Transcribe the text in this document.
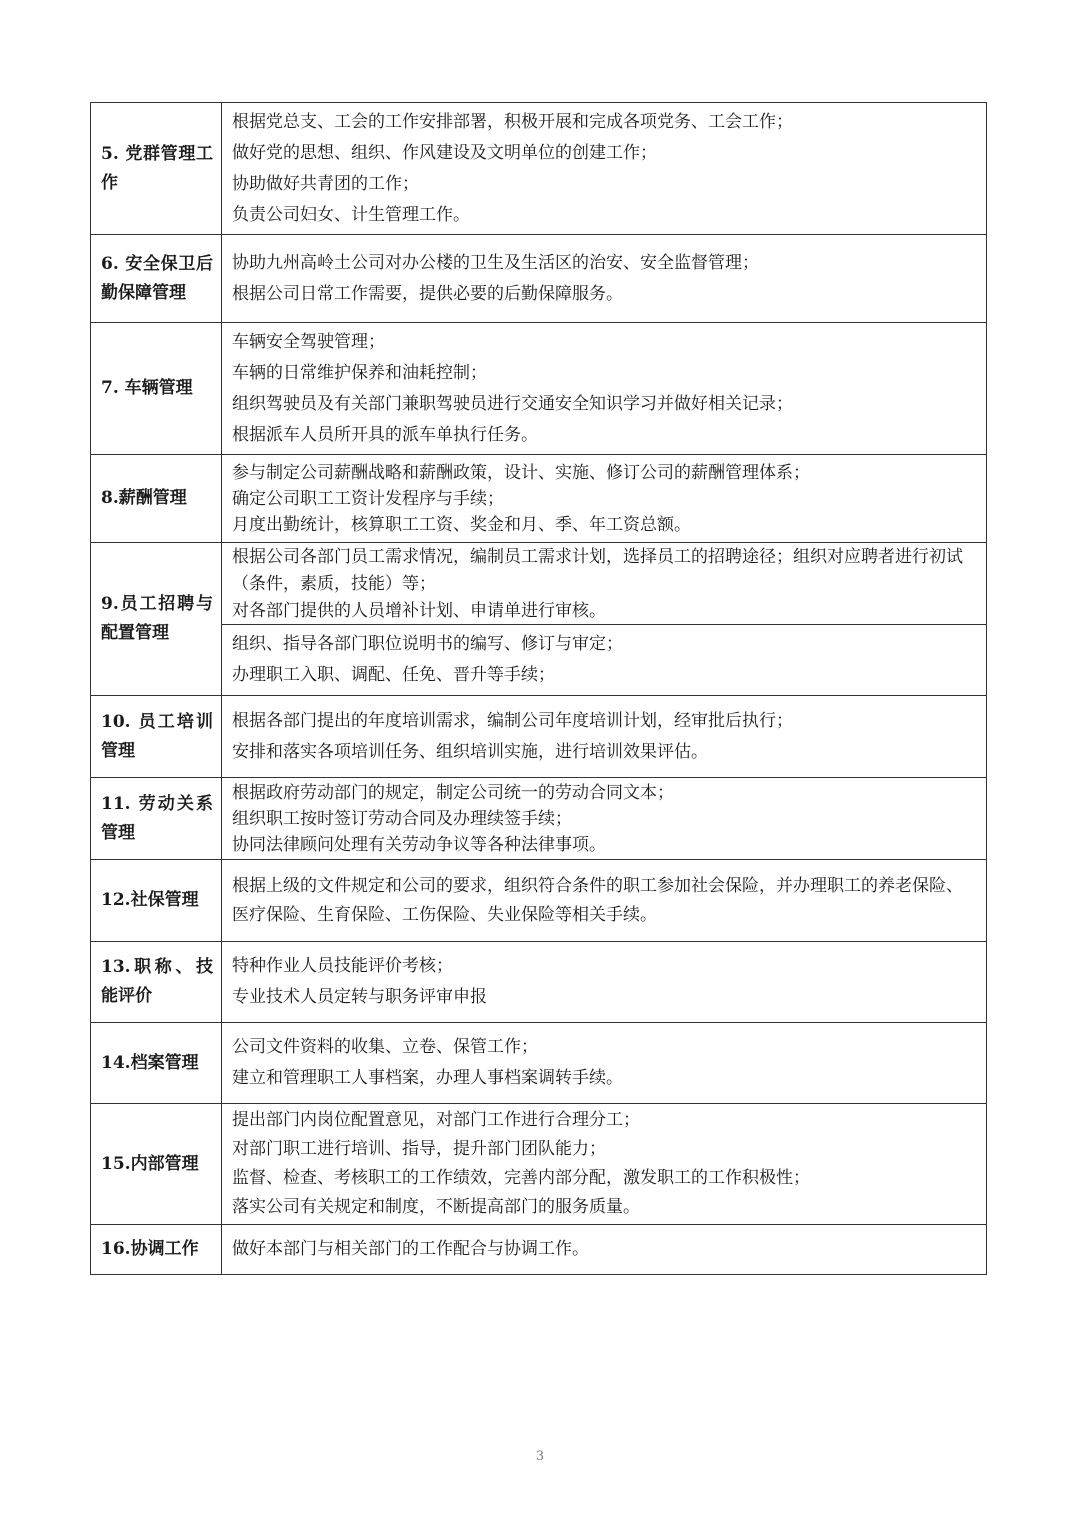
5. 党群管理工作	根据党总支、工会的工作安排部署，积极开展和完成各项党务、工会工作；
做好党的思想、组织、作风建设及文明单位的创建工作；
协助做好共青团的工作；
负责公司妇女、计生管理工作。

6. 安全保卫后勤保障管理	协助九州高岭土公司对办公楼的卫生及生活区的治安、安全监督管理；
根据公司日常工作需要，提供必要的后勤保障服务。

7. 车辆管理	车辆安全驾驶管理；
车辆的日常维护保养和油耗控制；
组织驾驶员及有关部门兼职驾驶员进行交通安全知识学习并做好相关记录；
根据派车人员所开具的派车单执行任务。

8.薪酬管理	参与制定公司薪酬战略和薪酬政策，设计、实施、修订公司的薪酬管理体系；
确定公司职工工资计发程序与手续；
月度出勤统计，核算职工工资、奖金和月、季、年工资总额。

9.员工招聘与配置管理	根据公司各部门员工需求情况，编制员工需求计划，选择员工的招聘途径；组织对应聘者进行初试（条件，素质，技能）等；
对各部门提供的人员增补计划、申请单进行审核。

	组织、指导各部门职位说明书的编写、修订与审定；
办理职工入职、调配、任免、晋升等手续；

10. 员工培训管理	根据各部门提出的年度培训需求，编制公司年度培训计划，经审批后执行；
安排和落实各项培训任务、组织培训实施，进行培训效果评估。

11. 劳动关系管理	根据政府劳动部门的规定，制定公司统一的劳动合同文本；
组织职工按时签订劳动合同及办理续签手续；
协同法律顾问处理有关劳动争议等各种法律事项。

12.社保管理	根据上级的文件规定和公司的要求，组织符合条件的职工参加社会保险，并办理职工的养老保险、医疗保险、生育保险、工伤保险、失业保险等相关手续。

13.职称、技能评价	特种作业人员技能评价考核；
专业技术人员定转与职务评审申报

14.档案管理	公司文件资料的收集、立卷、保管工作；
建立和管理职工人事档案，办理人事档案调转手续。

15.内部管理	提出部门内岗位配置意见，对部门工作进行合理分工；
对部门职工进行培训、指导，提升部门团队能力；
监督、检查、考核职工的工作绩效，完善内部分配，激发职工的工作积极性；
落实公司有关规定和制度，不断提高部门的服务质量。

16.协调工作	做好本部门与相关部门的工作配合与协调工作。
3
